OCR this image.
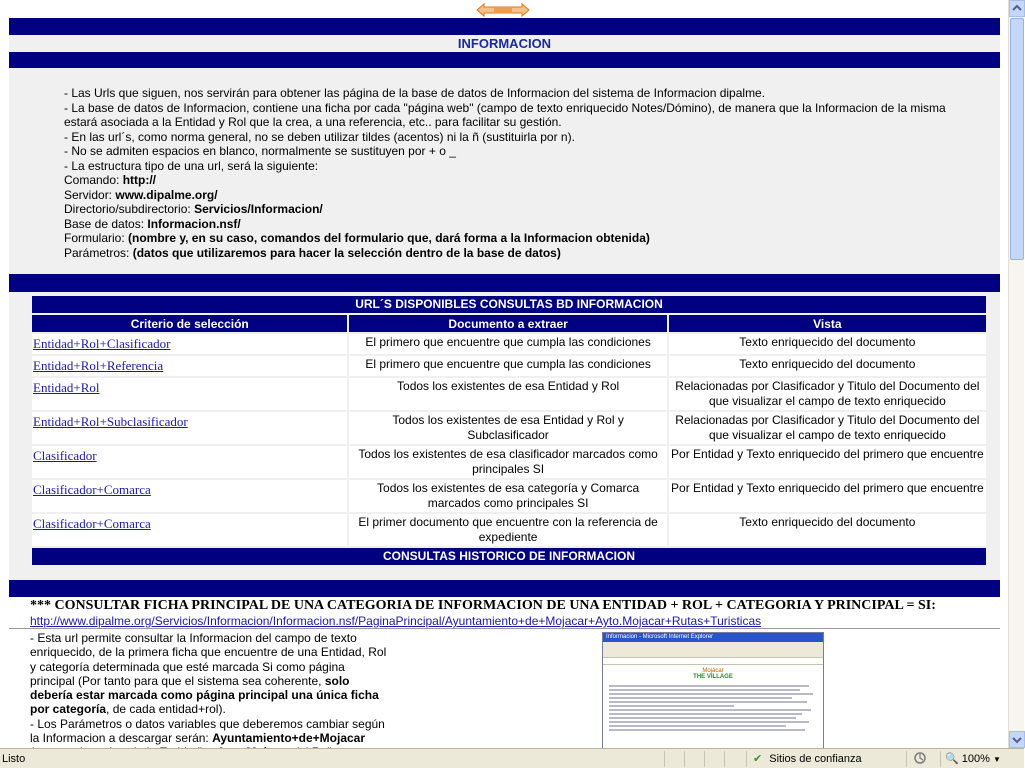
INFORMACION

- Las Urls que siguen, nos servirán para obtener las página de la base de datos de Informacion del sistema de Informacion dipalme.

- La base de datos de Informacion, contiene una ficha por cada "página web" (campo de texto enriquecido Notes/Dómino), de manera que la Informacion de la misma estará asociada a la Entidad y Rol que la crea, a una referencia, etc.. para facilitar su gestión.

- En las url´s, como norma general, no se deben utilizar tildes (acentos) ni la ñ (sustituirla por n).

- No se admiten espacios en blanco, normalmente se sustituyen por + o _

- La estructura tipo de una url, será la siguiente:

Comando: http://

Servidor: www.dipalme.org/

Directorio/subdirectorio: Servicios/Informacion/

Base de datos: Informacion.nsf/

Formulario: (nombre y, en su caso, comandos del formulario que, dará forma a la Informacion obtenida)

Parámetros: (datos que utilizaremos para hacer la selección dentro de la base de datos)

URL´S DISPONIBLES CONSULTAS BD INFORMACION		
Criterio de selección	Documento a extraer	Vista
Entidad+Rol+Clasificador	El primero que encuentre que cumpla las condiciones	Texto enriquecido del documento
Entidad+Rol+Referencia	El primero que encuentre que cumpla las condiciones	Texto enriquecido del documento
Entidad+Rol	Todos los existentes de esa Entidad y Rol	Relacionadas por Clasificador y Titulo del Documento del que visualizar el campo de texto enriquecido
Entidad+Rol+Subclasificador	Todos los existentes de esa Entidad y Rol y Subclasificador	Relacionadas por Clasificador y Titulo del Documento del que visualizar el campo de texto enriquecido
Clasificador	Todos los existentes de esa clasificador marcados como principales SI	Por Entidad y Texto enriquecido del primero que encuentre
Clasificador+Comarca	Todos los existentes de esa categoría y Comarca marcados como principales SI	Por Entidad y Texto enriquecido del primero que encuentre
Clasificador+Comarca	El primer documento que encuentre con la referencia de expediente	Texto enriquecido del documento
CONSULTAS HISTORICO DE INFORMACION		
*** CONSULTAR FICHA PRINCIPAL DE UNA CATEGORIA DE INFORMACION DE UNA ENTIDAD + ROL + CATEGORIA Y PRINCIPAL = SI:
http://www.dipalme.org/Servicios/Informacion/Informacion.nsf/PaginaPrincipal/Ayuntamiento+de+Mojacar+Ayto.Mojacar+Rutas+Turisticas

- Esta url permite consultar la Informacion del campo de texto enriquecido, de la primera ficha que encuentre de una Entidad, Rol y categoría determinada que esté marcada Si como página principal (Por tanto para que el sistema sea coherente, solo debería estar marcada como página principal una única ficha por categoría, de cada entidad+rol).

- Los Parámetros o datos variables que deberemos cambiar según la Informacion a descargar serán: Ayuntamiento+de+Mojacar

Informacion - Microsoft Internet Explorer
Mojácar
THE VILLAGE
Listo	✔ Sitios de confianza	🔍 100% ▼
